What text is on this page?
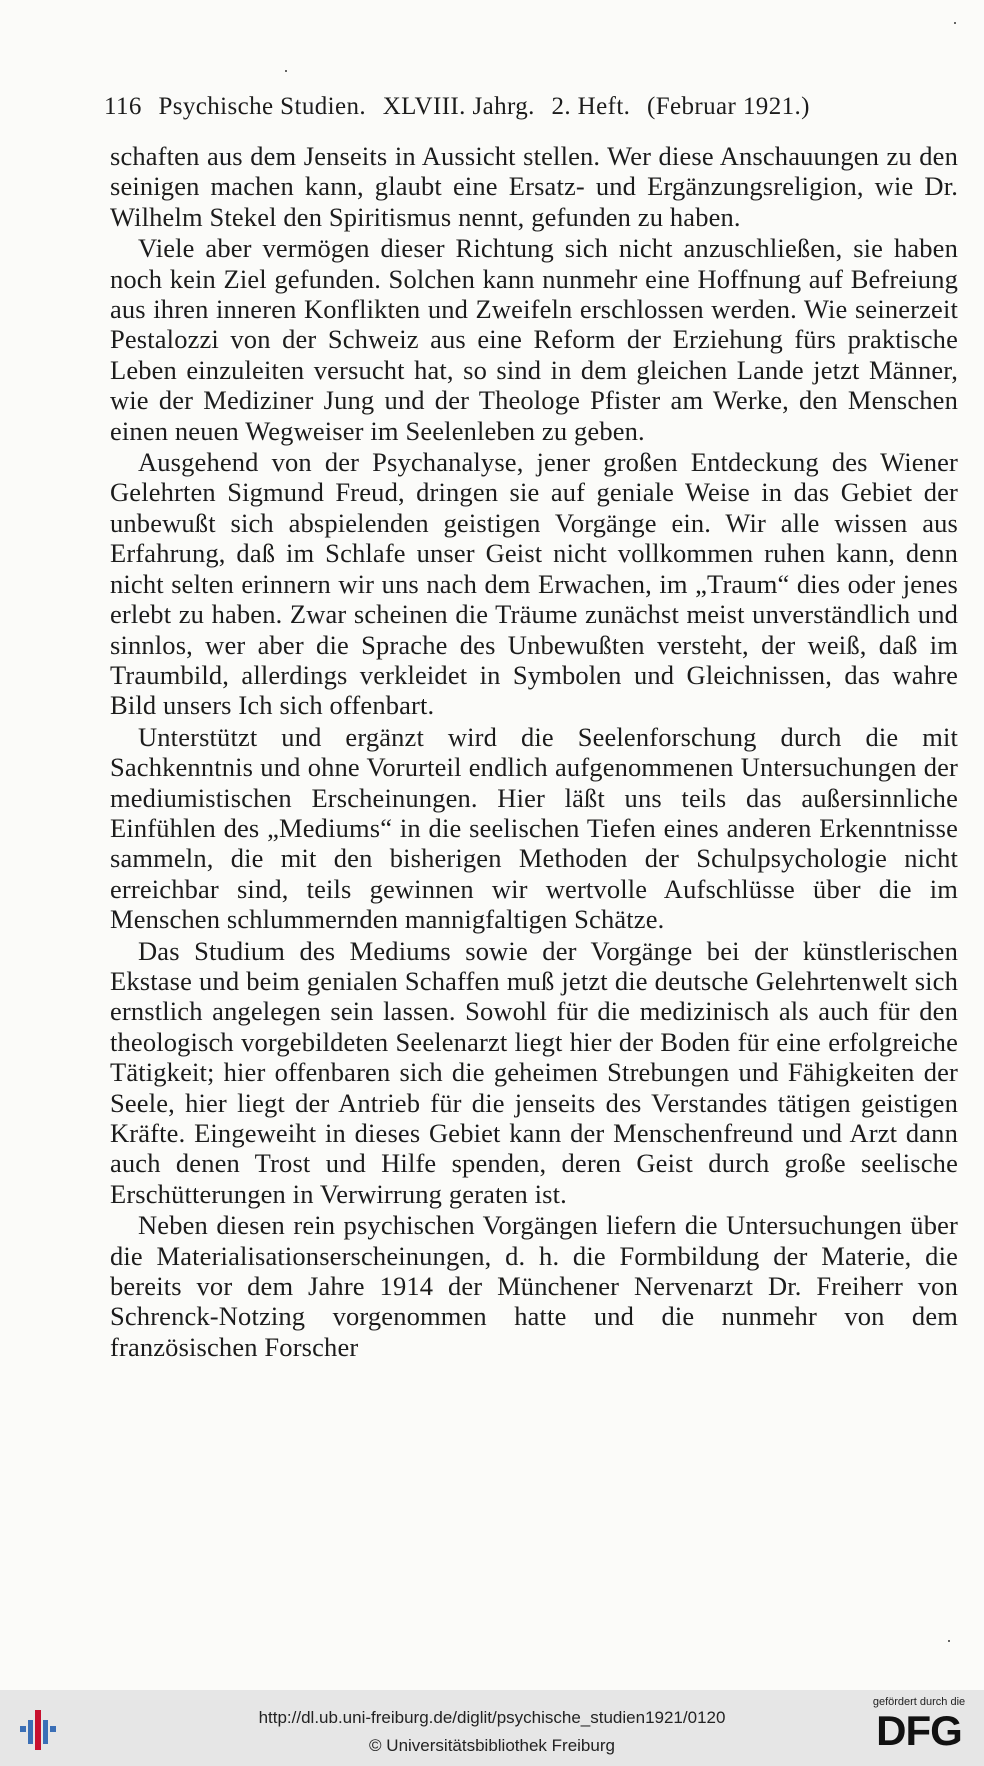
116 Psychische Studien. XLVIII. Jahrg. 2. Heft. (Februar 1921.)

schaften aus dem Jenseits in Aussicht stellen. Wer diese Anschauungen zu den seinigen machen kann, glaubt eine Ersatz- und Ergänzungsreligion, wie Dr. Wilhelm Stekel den Spiritismus nennt, gefunden zu haben.

Viele aber vermögen dieser Richtung sich nicht anzuschließen, sie haben noch kein Ziel gefunden. Solchen kann nunmehr eine Hoffnung auf Befreiung aus ihren inneren Konflikten und Zweifeln erschlossen werden. Wie seinerzeit Pestalozzi von der Schweiz aus eine Reform der Erziehung fürs praktische Leben einzuleiten versucht hat, so sind in dem gleichen Lande jetzt Männer, wie der Mediziner Jung und der Theologe Pfister am Werke, den Menschen einen neuen Wegweiser im Seelenleben zu geben.

Ausgehend von der Psychanalyse, jener großen Entdeckung des Wiener Gelehrten Sigmund Freud, dringen sie auf geniale Weise in das Gebiet der unbewußt sich abspielenden geistigen Vorgänge ein. Wir alle wissen aus Erfahrung, daß im Schlafe unser Geist nicht vollkommen ruhen kann, denn nicht selten erinnern wir uns nach dem Erwachen, im „Traum“ dies oder jenes erlebt zu haben. Zwar scheinen die Träume zunächst meist unverständlich und sinnlos, wer aber die Sprache des Unbewußten versteht, der weiß, daß im Traumbild, allerdings verkleidet in Symbolen und Gleichnissen, das wahre Bild unsers Ich sich offenbart.

Unterstützt und ergänzt wird die Seelenforschung durch die mit Sachkenntnis und ohne Vorurteil endlich aufgenommenen Untersuchungen der mediumistischen Erscheinungen. Hier läßt uns teils das außersinnliche Einfühlen des „Mediums“ in die seelischen Tiefen eines anderen Erkenntnisse sammeln, die mit den bisherigen Methoden der Schulpsychologie nicht erreichbar sind, teils gewinnen wir wertvolle Aufschlüsse über die im Menschen schlummernden mannigfaltigen Schätze.

Das Studium des Mediums sowie der Vorgänge bei der künstlerischen Ekstase und beim genialen Schaffen muß jetzt die deutsche Gelehrtenwelt sich ernstlich angelegen sein lassen. Sowohl für die medizinisch als auch für den theologisch vorgebildeten Seelenarzt liegt hier der Boden für eine erfolgreiche Tätigkeit; hier offenbaren sich die geheimen Strebungen und Fähigkeiten der Seele, hier liegt der Antrieb für die jenseits des Verstandes tätigen geistigen Kräfte. Eingeweiht in dieses Gebiet kann der Menschenfreund und Arzt dann auch denen Trost und Hilfe spenden, deren Geist durch große seelische Erschütterungen in Verwirrung geraten ist.

Neben diesen rein psychischen Vorgängen liefern die Untersuchungen über die Materialisationserscheinungen, d. h. die Formbildung der Materie, die bereits vor dem Jahre 1914 der Münchener Nervenarzt Dr. Freiherr von Schrenck-Notzing vorgenommen hatte und die nunmehr von dem französischen Forscher

http://dl.ub.uni-freiburg.de/diglit/psychische_studien1921/0120
© Universitätsbibliothek Freiburg
gefördert durch die
DFG
